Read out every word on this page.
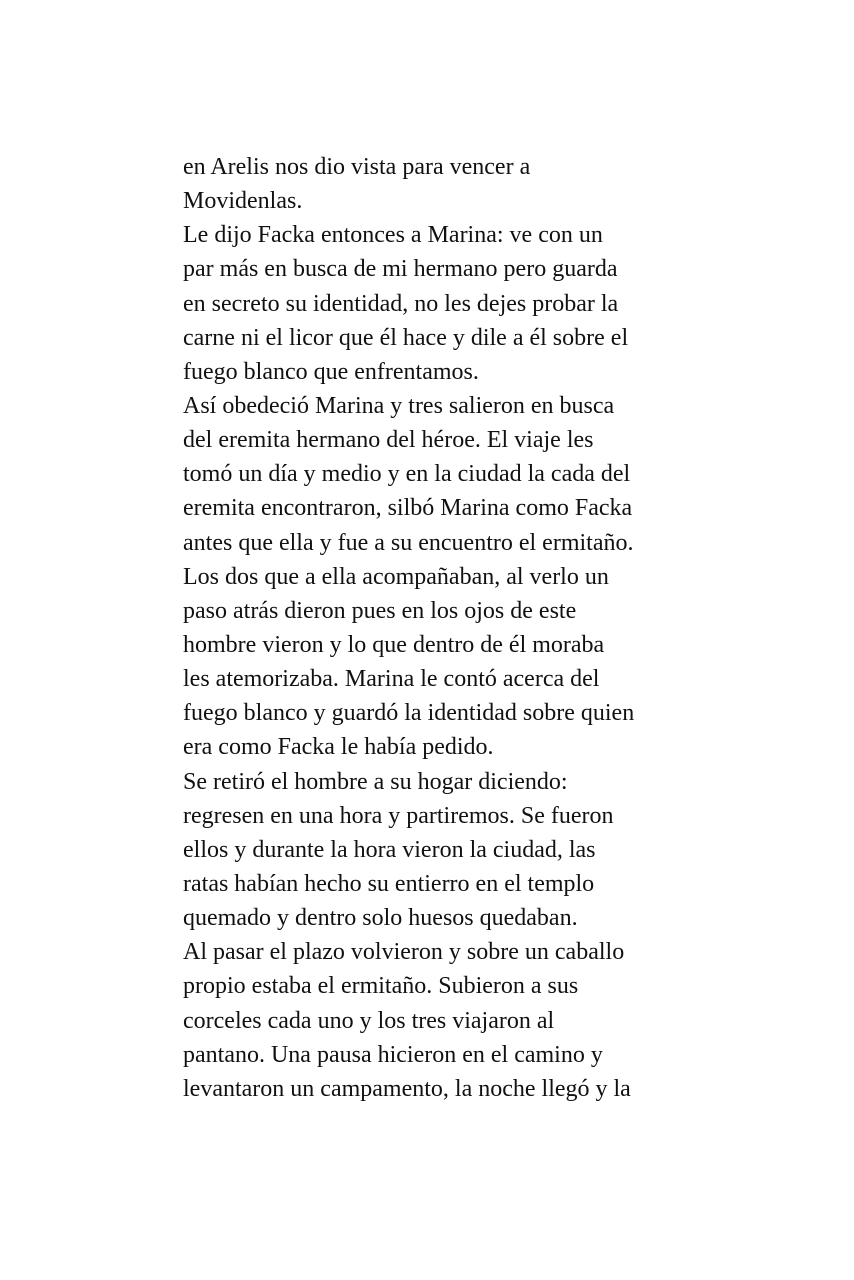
en Arelis nos dio vista para vencer a
Movidenlas.
Le dijo Facka entonces a Marina: ve con un
par más en busca de mi hermano pero guarda
en secreto su identidad, no les dejes probar la
carne ni el licor que él hace y dile a él sobre el
fuego blanco que enfrentamos.
Así obedeció Marina y tres salieron en busca
del eremita hermano del héroe. El viaje les
tomó un día y medio y en la ciudad la cada del
eremita encontraron, silbó Marina como Facka
antes que ella y fue a su encuentro el ermitaño.
Los dos que a ella acompañaban, al verlo un
paso atrás dieron pues en los ojos de este
hombre vieron y lo que dentro de él moraba
les atemorizaba. Marina le contó acerca del
fuego blanco y guardó la identidad sobre quien
era como Facka le había pedido.
Se retiró el hombre a su hogar diciendo:
regresen en una hora y partiremos. Se fueron
ellos y durante la hora vieron la ciudad, las
ratas habían hecho su entierro en el templo
quemado y dentro solo huesos quedaban.
Al pasar el plazo volvieron y sobre un caballo
propio estaba el ermitaño. Subieron a sus
corceles cada uno y los tres viajaron al
pantano. Una pausa hicieron en el camino y
levantaron un campamento, la noche llegó y la
